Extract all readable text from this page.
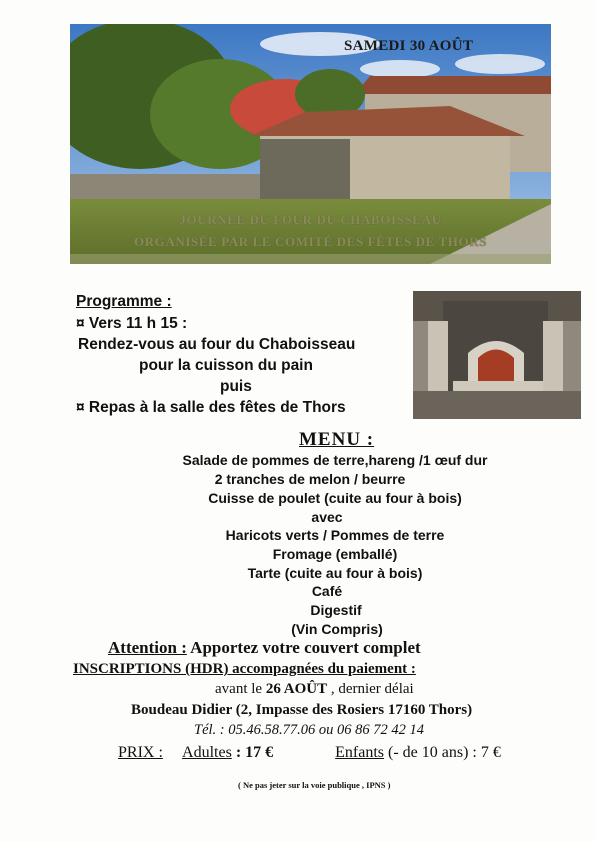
SAMEDI 30 AOÛT
JOURNÉE DU FOUR DU CHABOISSEAU
ORGANISÉE PAR LE COMITÉ DES FÊTES DE THORS
Programme :
¤ Vers 11 h 15 :
Rendez-vous au four du Chaboisseau
pour la cuisson du pain
puis
¤ Repas à la salle des fêtes de Thors
MENU :
Salade de pommes de terre,hareng /1 œuf dur
2 tranches de melon / beurre
Cuisse de poulet (cuite au four à bois)
avec
Haricots verts / Pommes de terre
Fromage (emballé)
Tarte (cuite au four à bois)
Café
Digestif
(Vin Compris)
Attention : Apportez votre couvert complet
INSCRIPTIONS (HDR) accompagnées du paiement :
avant le 26 AOÛT , dernier délai
Boudeau Didier (2, Impasse des Rosiers 17160 Thors)
Tél. : 05.46.58.77.06 ou 06 86 72 42 14
PRIX : Adultes : 17 €	Enfants (- de 10 ans) : 7 €
( Ne pas jeter sur la voie publique , IPNS )
